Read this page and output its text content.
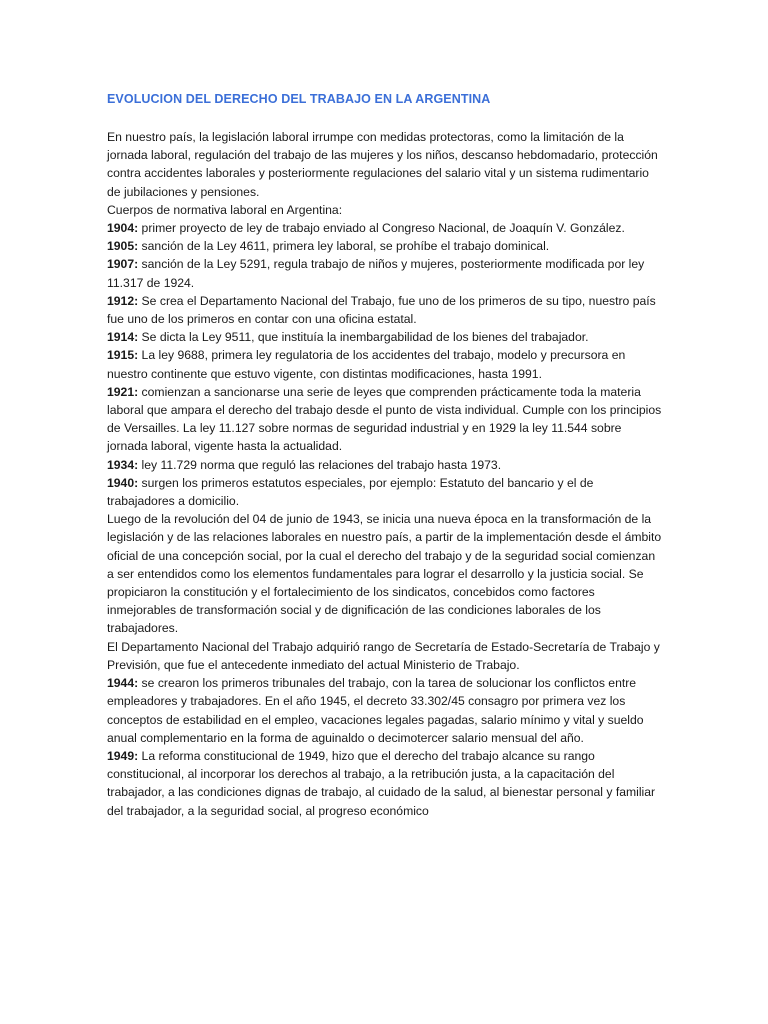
EVOLUCION DEL DERECHO DEL TRABAJO EN LA ARGENTINA

En nuestro país, la legislación laboral irrumpe con medidas protectoras, como la limitación de la jornada laboral, regulación del trabajo de las mujeres y los niños, descanso hebdomadario, protección contra accidentes laborales y posteriormente regulaciones del salario vital y un sistema rudimentario de jubilaciones y pensiones.

Cuerpos de normativa laboral en Argentina:

1904: primer proyecto de ley de trabajo enviado al Congreso Nacional, de Joaquín V. González.

1905: sanción de la Ley 4611, primera ley laboral, se prohíbe el trabajo dominical.

1907: sanción de la Ley 5291, regula trabajo de niños y mujeres, posteriormente modificada por ley 11.317 de 1924.

1912: Se crea el Departamento Nacional del Trabajo, fue uno de los primeros de su tipo, nuestro país fue uno de los primeros en contar con una oficina estatal.

1914: Se dicta la Ley 9511, que instituía la inembargabilidad de los bienes del trabajador.

1915: La ley 9688, primera ley regulatoria de los accidentes del trabajo, modelo y precursora en nuestro continente que estuvo vigente, con distintas modificaciones, hasta 1991.

1921: comienzan a sancionarse una serie de leyes que comprenden prácticamente toda la materia laboral que ampara el derecho del trabajo desde el punto de vista individual. Cumple con los principios de Versailles. La ley 11.127 sobre normas de seguridad industrial y en 1929 la ley 11.544 sobre jornada laboral, vigente hasta la actualidad.

1934: ley 11.729 norma que reguló las relaciones del trabajo hasta 1973.

1940: surgen los primeros estatutos especiales, por ejemplo: Estatuto del bancario y el de trabajadores a domicilio.

Luego de la revolución del 04 de junio de 1943, se inicia una nueva época en la transformación de la legislación y de las relaciones laborales en nuestro país, a partir de la implementación desde el ámbito oficial de una concepción social, por la cual el derecho del trabajo y de la seguridad social comienzan a ser entendidos como los elementos fundamentales para lograr el desarrollo y la justicia social. Se propiciaron la constitución y el fortalecimiento de los sindicatos, concebidos como factores inmejorables de transformación social y de dignificación de las condiciones laborales de los trabajadores.

El Departamento Nacional del Trabajo adquirió rango de Secretaría de Estado-Secretaría de Trabajo y Previsión, que fue el antecedente inmediato del actual Ministerio de Trabajo.

1944: se crearon los primeros tribunales del trabajo, con la tarea de solucionar los conflictos entre empleadores y trabajadores. En el año 1945, el decreto 33.302/45 consagro por primera vez los conceptos de estabilidad en el empleo, vacaciones legales pagadas, salario mínimo y vital y sueldo anual complementario en la forma de aguinaldo o decimotercer salario mensual del año.

1949: La reforma constitucional de 1949, hizo que el derecho del trabajo alcance su rango constitucional, al incorporar los derechos al trabajo, a la retribución justa, a la capacitación del trabajador, a las condiciones dignas de trabajo, al cuidado de la salud, al bienestar personal y familiar del trabajador, a la seguridad social, al progreso económico
